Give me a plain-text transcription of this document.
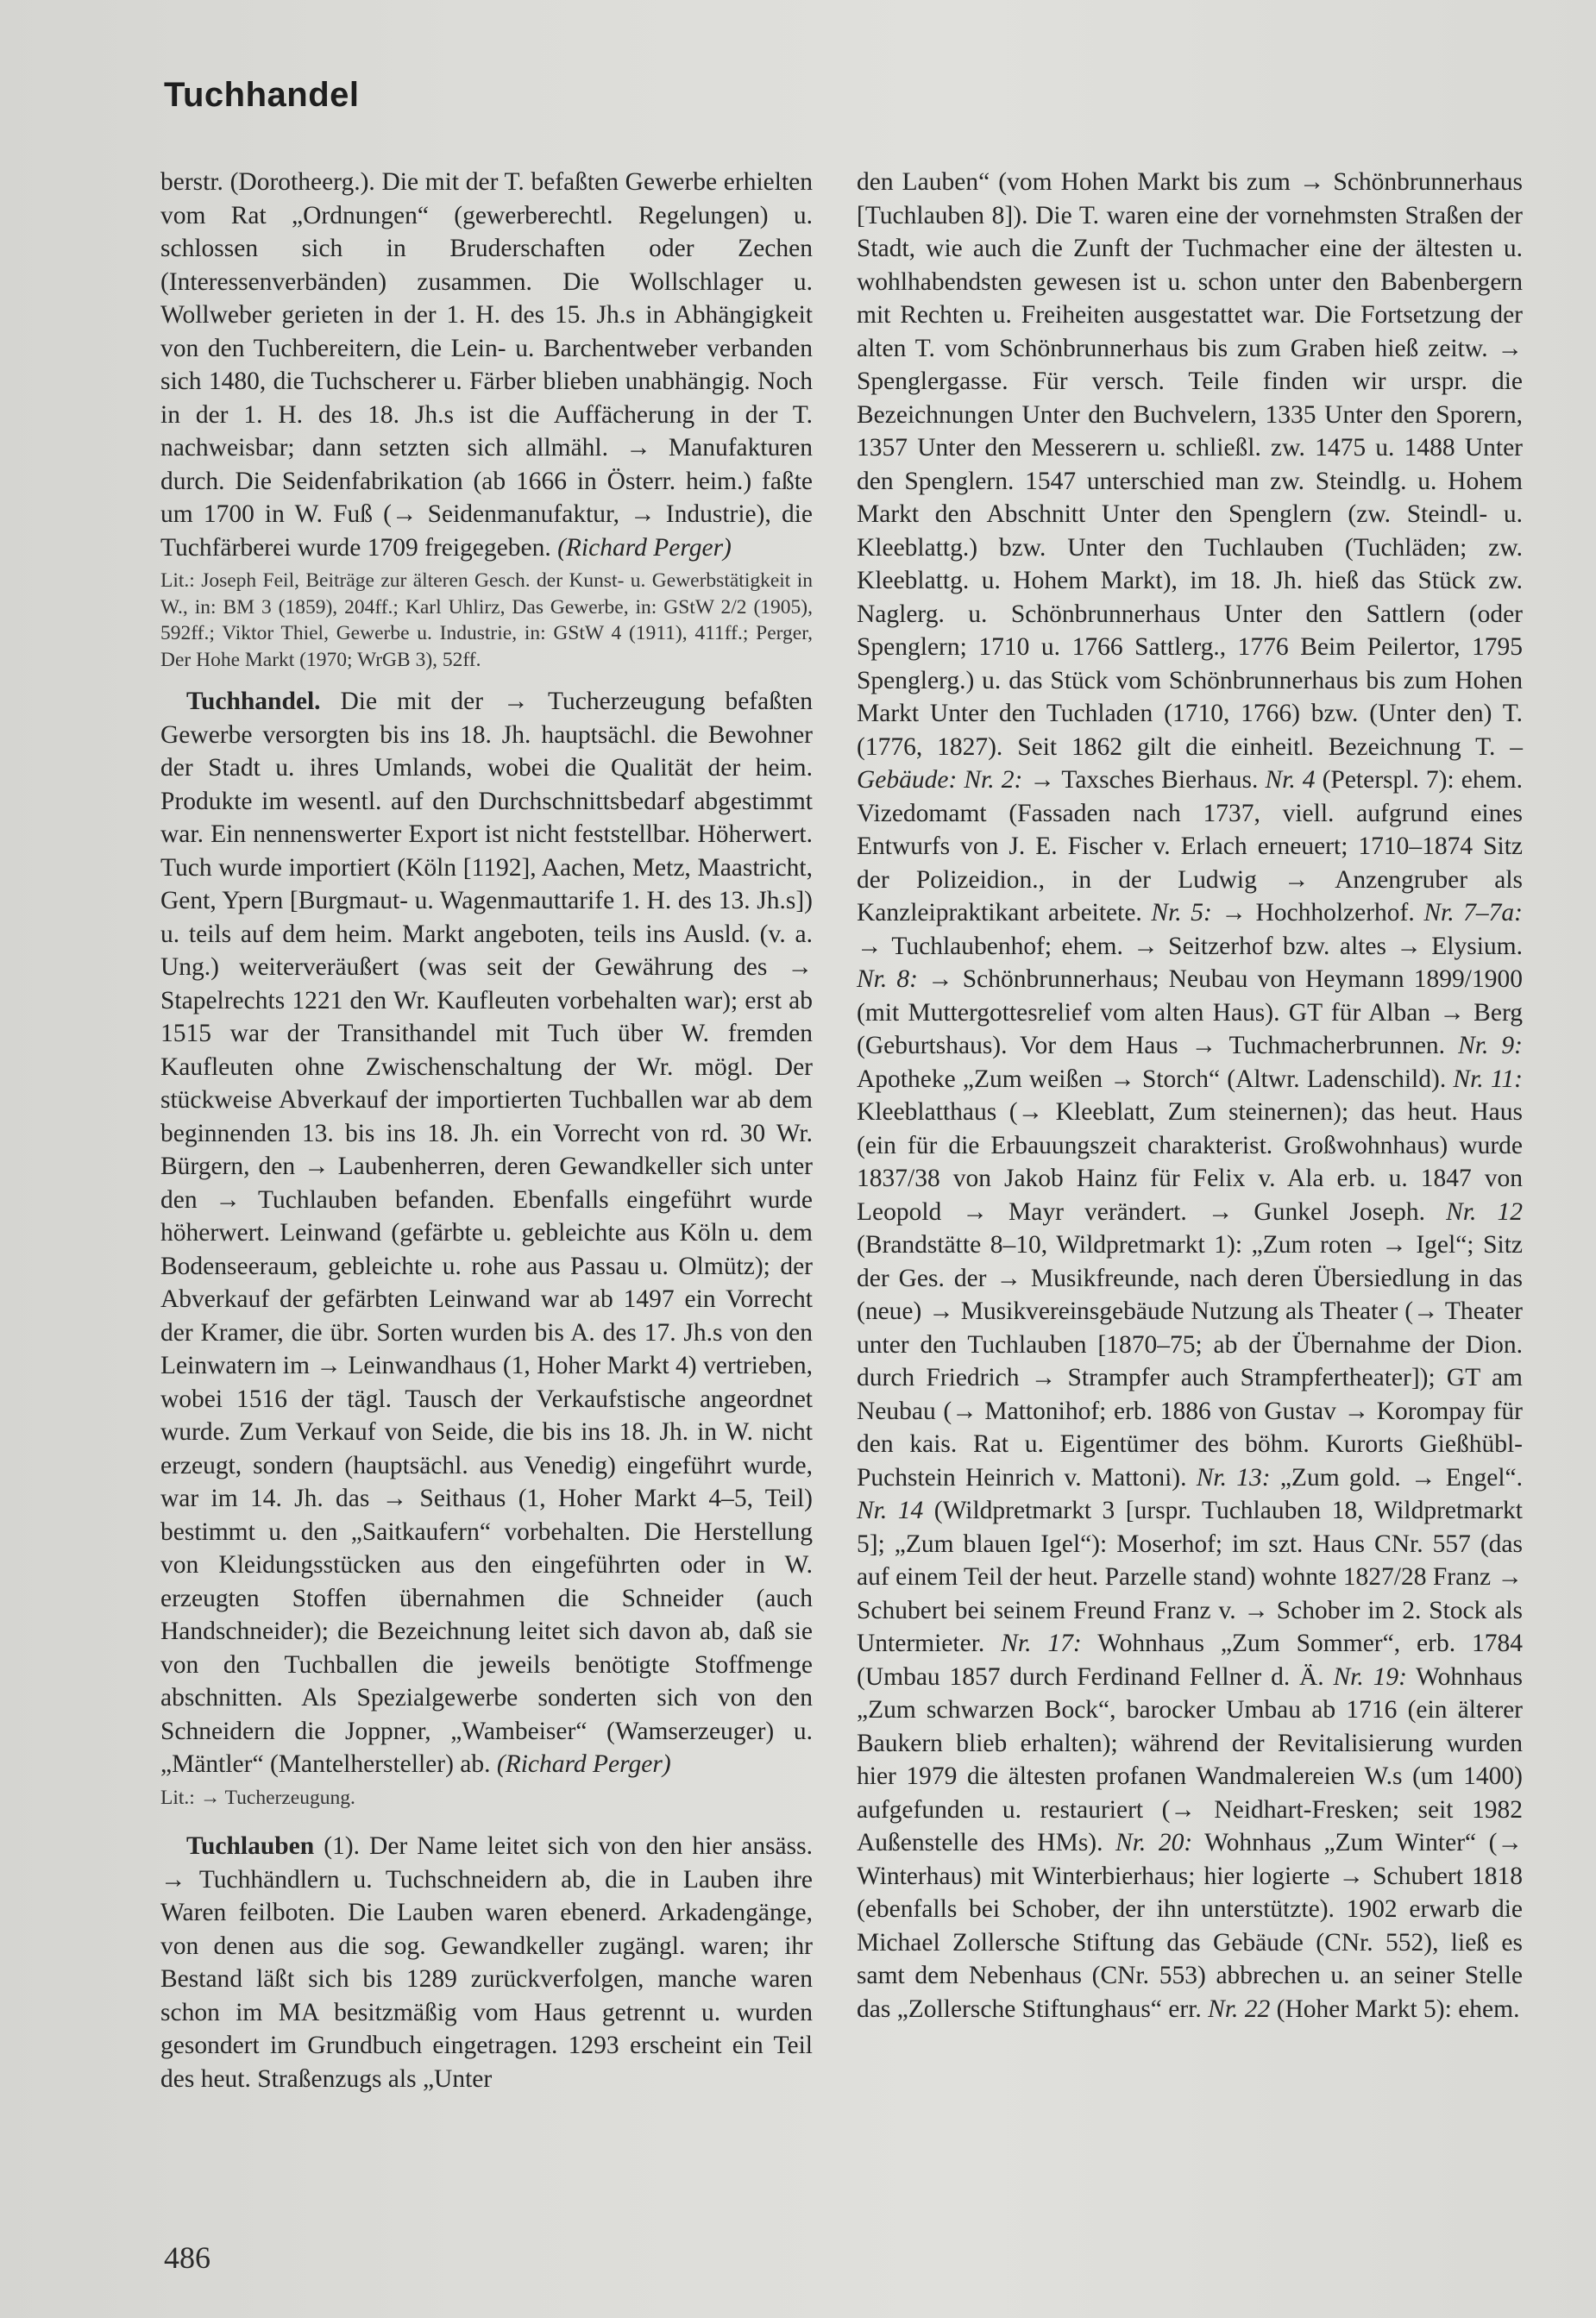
Tuchhandel

berstr. (Dorotheerg.). Die mit der T. befaßten Gewerbe erhielten vom Rat „Ordnungen“ (gewerberechtl. Regelungen) u. schlossen sich in Bruderschaften oder Zechen (Interessenverbänden) zusammen. Die Wollschlager u. Wollweber gerieten in der 1. H. des 15. Jh.s in Abhängigkeit von den Tuchbereitern, die Lein- u. Barchentweber verbanden sich 1480, die Tuchscherer u. Färber blieben unabhängig. Noch in der 1. H. des 18. Jh.s ist die Auffächerung in der T. nachweisbar; dann setzten sich allmähl. → Manufakturen durch. Die Seidenfabrikation (ab 1666 in Österr. heim.) faßte um 1700 in W. Fuß (→ Seidenmanufaktur, → Industrie), die Tuchfärberei wurde 1709 freigegeben. (Richard Perger)

Lit.: Joseph Feil, Beiträge zur älteren Gesch. der Kunst- u. Gewerbstätigkeit in W., in: BM 3 (1859), 204ff.; Karl Uhlirz, Das Gewerbe, in: GStW 2/2 (1905), 592ff.; Viktor Thiel, Gewerbe u. Industrie, in: GStW 4 (1911), 411ff.; Perger, Der Hohe Markt (1970; WrGB 3), 52ff.

Tuchhandel. Die mit der → Tucherzeugung befaßten Gewerbe versorgten bis ins 18. Jh. hauptsächl. die Bewohner der Stadt u. ihres Umlands, wobei die Qualität der heim. Produkte im wesentl. auf den Durchschnittsbedarf abgestimmt war. Ein nennenswerter Export ist nicht feststellbar. Höherwert. Tuch wurde importiert (Köln [1192], Aachen, Metz, Maastricht, Gent, Ypern [Burgmaut- u. Wagenmauttarife 1. H. des 13. Jh.s]) u. teils auf dem heim. Markt angeboten, teils ins Ausld. (v. a. Ung.) weiterveräußert (was seit der Gewährung des → Stapelrechts 1221 den Wr. Kaufleuten vorbehalten war); erst ab 1515 war der Transithandel mit Tuch über W. fremden Kaufleuten ohne Zwischenschaltung der Wr. mögl. Der stückweise Abverkauf der importierten Tuchballen war ab dem beginnenden 13. bis ins 18. Jh. ein Vorrecht von rd. 30 Wr. Bürgern, den → Laubenherren, deren Gewandkeller sich unter den → Tuchlauben befanden. Ebenfalls eingeführt wurde höherwert. Leinwand (gefärbte u. gebleichte aus Köln u. dem Bodenseeraum, gebleichte u. rohe aus Passau u. Olmütz); der Abverkauf der gefärbten Leinwand war ab 1497 ein Vorrecht der Kramer, die übr. Sorten wurden bis A. des 17. Jh.s von den Leinwatern im → Leinwandhaus (1, Hoher Markt 4) vertrieben, wobei 1516 der tägl. Tausch der Verkaufstische angeordnet wurde. Zum Verkauf von Seide, die bis ins 18. Jh. in W. nicht erzeugt, sondern (hauptsächl. aus Venedig) eingeführt wurde, war im 14. Jh. das → Seithaus (1, Hoher Markt 4–5, Teil) bestimmt u. den „Saitkaufern“ vorbehalten. Die Herstellung von Kleidungsstücken aus den eingeführten oder in W. erzeugten Stoffen übernahmen die Schneider (auch Handschneider); die Bezeichnung leitet sich davon ab, daß sie von den Tuchballen die jeweils benötigte Stoffmenge abschnitten. Als Spezialgewerbe sonderten sich von den Schneidern die Joppner, „Wambeiser“ (Wamserzeuger) u. „Mäntler“ (Mantelhersteller) ab. (Richard Perger)

Lit.: → Tucherzeugung.

Tuchlauben (1). Der Name leitet sich von den hier ansäss. → Tuchhändlern u. Tuchschneidern ab, die in Lauben ihre Waren feilboten. Die Lauben waren ebenerd. Arkadengänge, von denen aus die sog. Gewandkeller zugängl. waren; ihr Bestand läßt sich bis 1289 zurückverfolgen, manche waren schon im MA besitzmäßig vom Haus getrennt u. wurden gesondert im Grundbuch eingetragen. 1293 erscheint ein Teil des heut. Straßenzugs als „Unter

den Lauben“ (vom Hohen Markt bis zum → Schönbrunnerhaus [Tuchlauben 8]). Die T. waren eine der vornehmsten Straßen der Stadt, wie auch die Zunft der Tuchmacher eine der ältesten u. wohlhabendsten gewesen ist u. schon unter den Babenbergern mit Rechten u. Freiheiten ausgestattet war. Die Fortsetzung der alten T. vom Schönbrunnerhaus bis zum Graben hieß zeitw. → Spenglergasse. Für versch. Teile finden wir urspr. die Bezeichnungen Unter den Buchvelern, 1335 Unter den Sporern, 1357 Unter den Messerern u. schließl. zw. 1475 u. 1488 Unter den Spenglern. 1547 unterschied man zw. Steindlg. u. Hohem Markt den Abschnitt Unter den Spenglern (zw. Steindl- u. Kleeblattg.) bzw. Unter den Tuchlauben (Tuchläden; zw. Kleeblattg. u. Hohem Markt), im 18. Jh. hieß das Stück zw. Naglerg. u. Schönbrunnerhaus Unter den Sattlern (oder Spenglern; 1710 u. 1766 Sattlerg., 1776 Beim Peilertor, 1795 Spenglerg.) u. das Stück vom Schönbrunnerhaus bis zum Hohen Markt Unter den Tuchladen (1710, 1766) bzw. (Unter den) T. (1776, 1827). Seit 1862 gilt die einheitl. Bezeichnung T. – Gebäude: Nr. 2: → Taxsches Bierhaus. Nr. 4 (Peterspl. 7): ehem. Vizedomamt (Fassaden nach 1737, viell. aufgrund eines Entwurfs von J. E. Fischer v. Erlach erneuert; 1710–1874 Sitz der Polizeidion., in der Ludwig → Anzengruber als Kanzleipraktikant arbeitete. Nr. 5: → Hochholzerhof. Nr. 7–7a: → Tuchlaubenhof; ehem. → Seitzerhof bzw. altes → Elysium. Nr. 8: → Schönbrunnerhaus; Neubau von Heymann 1899/1900 (mit Muttergottesrelief vom alten Haus). GT für Alban → Berg (Geburtshaus). Vor dem Haus → Tuchmacherbrunnen. Nr. 9: Apotheke „Zum weißen → Storch“ (Altwr. Ladenschild). Nr. 11: Kleeblatthaus (→ Kleeblatt, Zum steinernen); das heut. Haus (ein für die Erbauungszeit charakterist. Großwohnhaus) wurde 1837/38 von Jakob Hainz für Felix v. Ala erb. u. 1847 von Leopold → Mayr verändert. → Gunkel Joseph. Nr. 12 (Brandstätte 8–10, Wildpretmarkt 1): „Zum roten → Igel“; Sitz der Ges. der → Musikfreunde, nach deren Übersiedlung in das (neue) → Musikvereinsgebäude Nutzung als Theater (→ Theater unter den Tuchlauben [1870–75; ab der Übernahme der Dion. durch Friedrich → Strampfer auch Strampfertheater]); GT am Neubau (→ Mattonihof; erb. 1886 von Gustav → Korompay für den kais. Rat u. Eigentümer des böhm. Kurorts Gießhübl-Puchstein Heinrich v. Mattoni). Nr. 13: „Zum gold. → Engel“. Nr. 14 (Wildpretmarkt 3 [urspr. Tuchlauben 18, Wildpretmarkt 5]; „Zum blauen Igel“): Moserhof; im szt. Haus CNr. 557 (das auf einem Teil der heut. Parzelle stand) wohnte 1827/28 Franz → Schubert bei seinem Freund Franz v. → Schober im 2. Stock als Untermieter. Nr. 17: Wohnhaus „Zum Sommer“, erb. 1784 (Umbau 1857 durch Ferdinand Fellner d. Ä. Nr. 19: Wohnhaus „Zum schwarzen Bock“, barocker Umbau ab 1716 (ein älterer Baukern blieb erhalten); während der Revitalisierung wurden hier 1979 die ältesten profanen Wandmalereien W.s (um 1400) aufgefunden u. restauriert (→ Neidhart-Fresken; seit 1982 Außenstelle des HMs). Nr. 20: Wohnhaus „Zum Winter“ (→ Winterhaus) mit Winterbierhaus; hier logierte → Schubert 1818 (ebenfalls bei Schober, der ihn unterstützte). 1902 erwarb die Michael Zollersche Stiftung das Gebäude (CNr. 552), ließ es samt dem Nebenhaus (CNr. 553) abbrechen u. an seiner Stelle das „Zollersche Stiftunghaus“ err. Nr. 22 (Hoher Markt 5): ehem.

486
